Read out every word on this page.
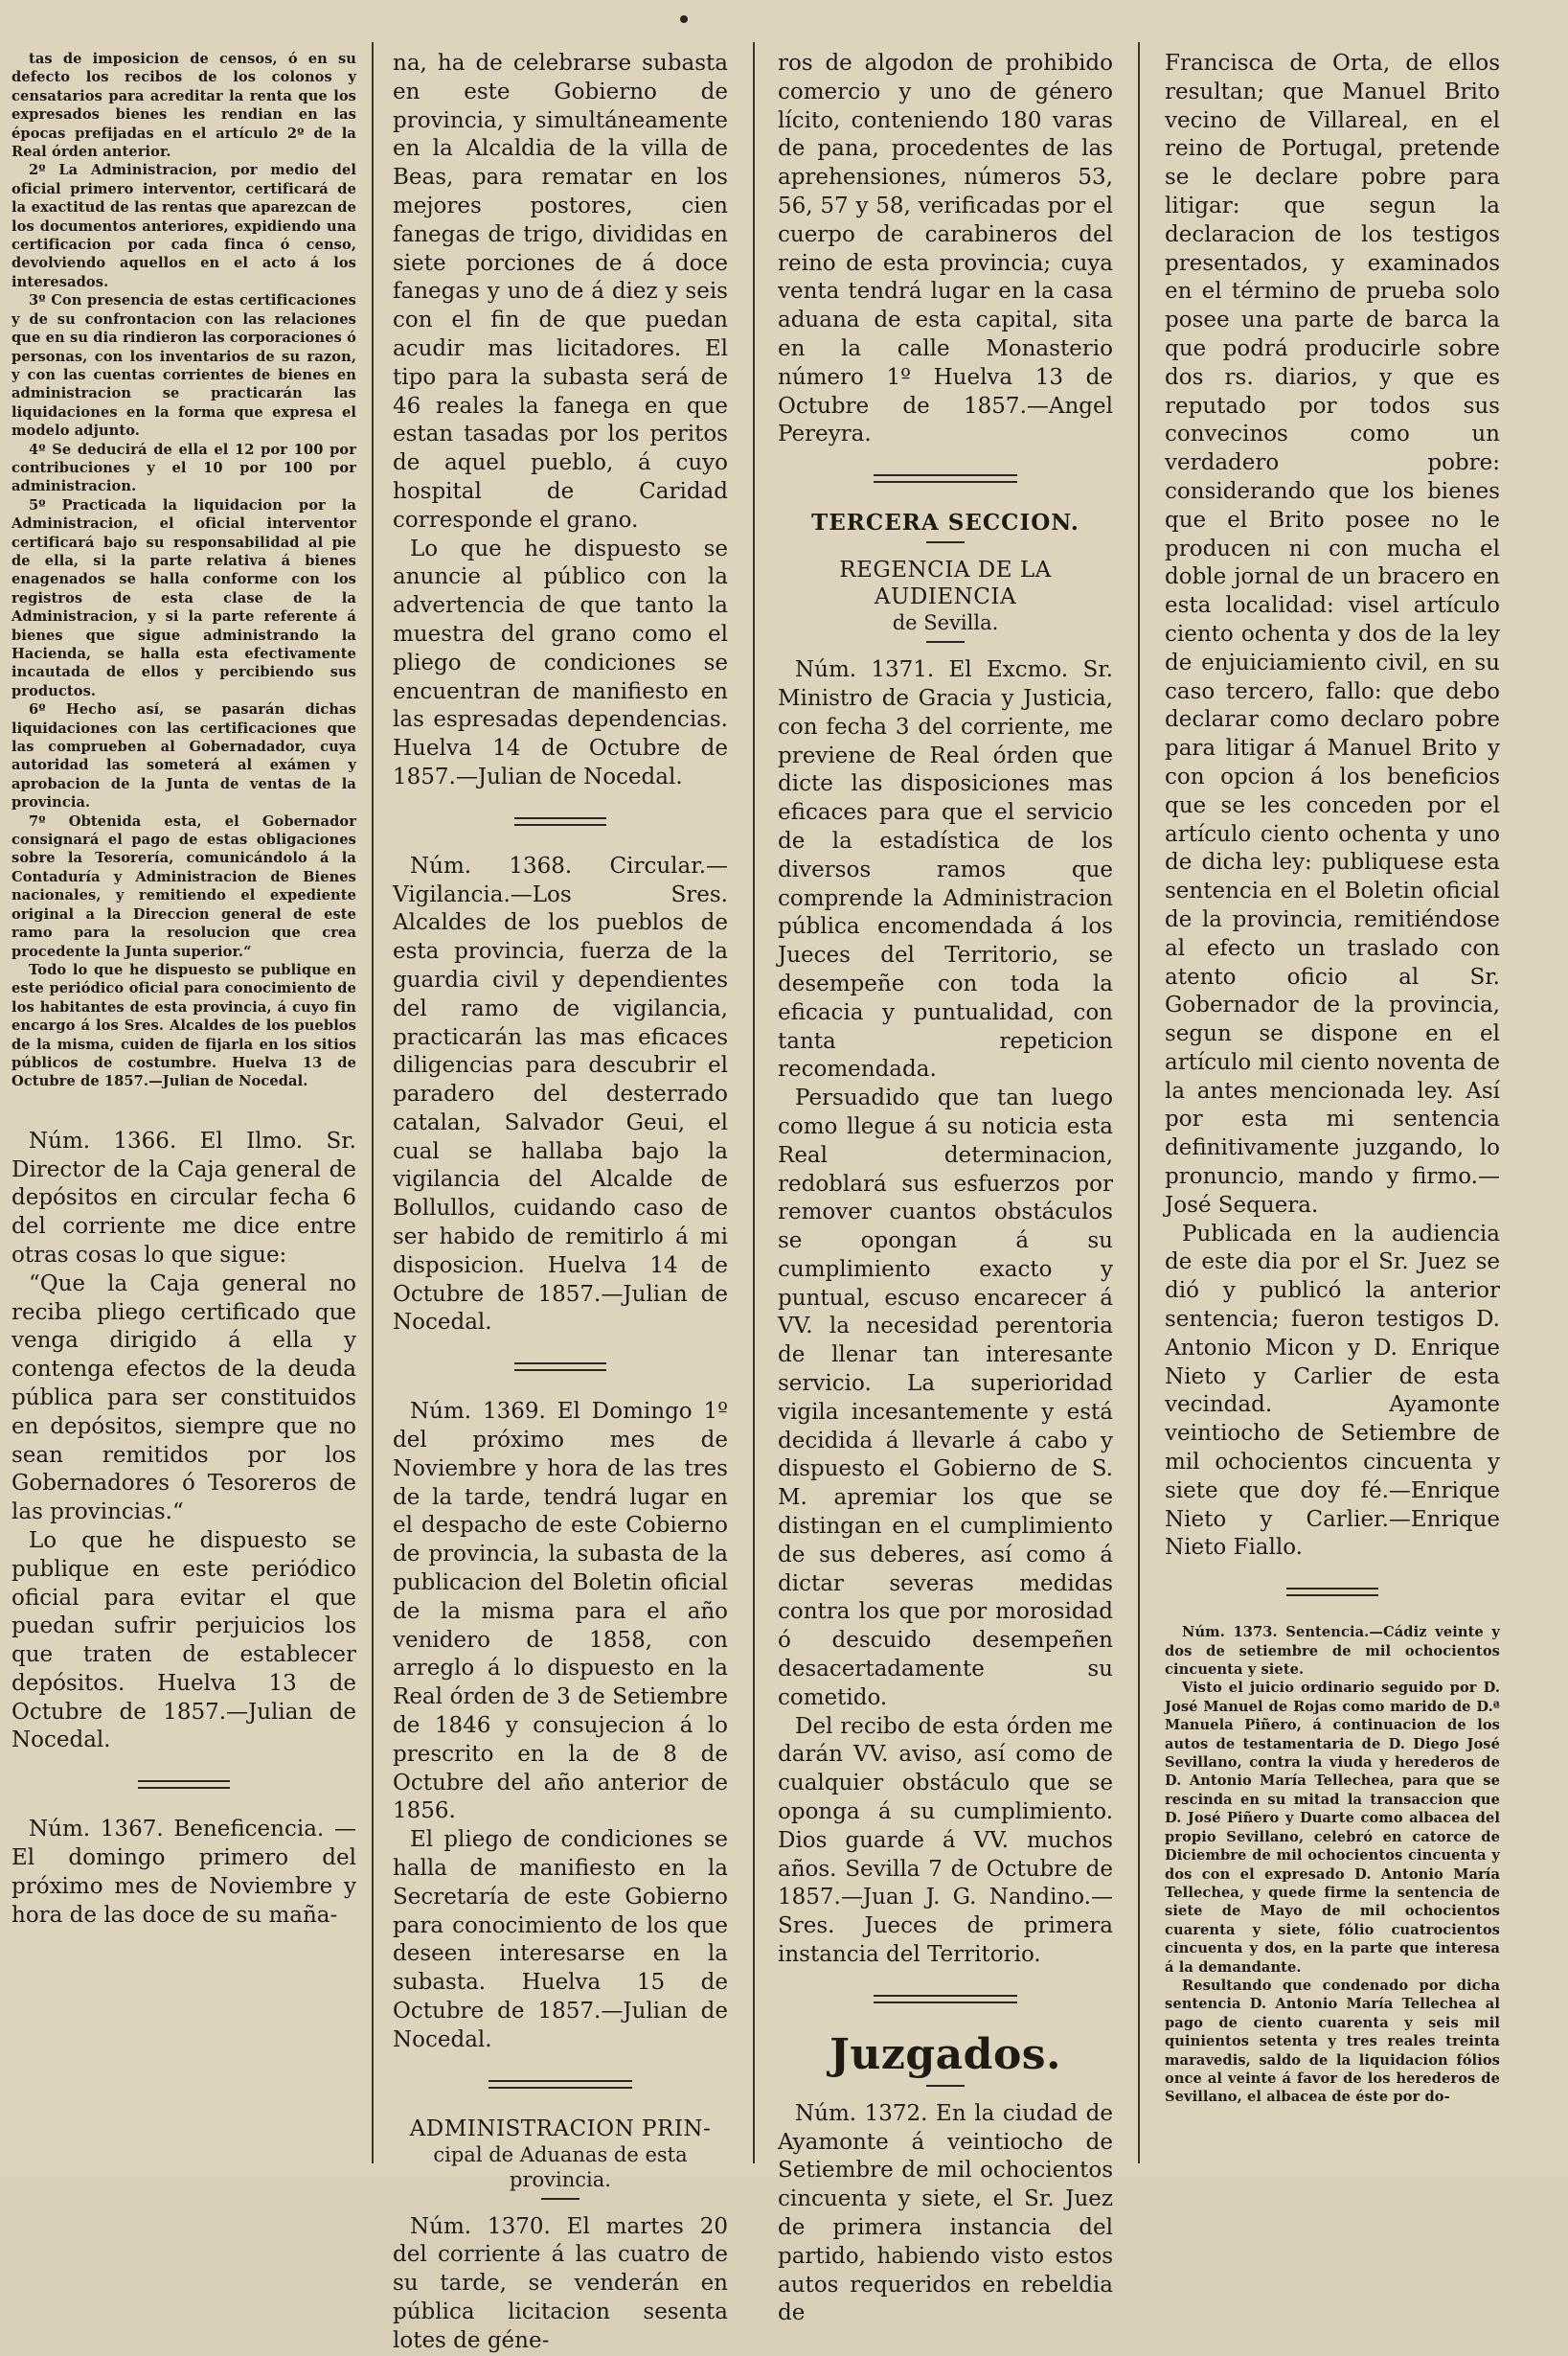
tas de imposicion de censos, ó en su defecto los recibos de los colonos y censatarios para acreditar la renta que los expresados bienes les rendian en las épocas prefijadas en el artículo 2º de la Real órden anterior.

2º La Administracion, por medio del oficial primero interventor, certificará de la exactitud de las rentas que aparezcan de los documentos anteriores, expidiendo una certificacion por cada finca ó censo, devolviendo aquellos en el acto á los interesados.

3º Con presencia de estas certificaciones y de su confrontacion con las relaciones que en su dia rindieron las corporaciones ó personas, con los inventarios de su razon, y con las cuentas corrientes de bienes en administracion se practicarán las liquidaciones en la forma que expresa el modelo adjunto.

4º Se deducirá de ella el 12 por 100 por contribuciones y el 10 por 100 por administracion.

5º Practicada la liquidacion por la Administracion, el oficial interventor certificará bajo su responsabilidad al pie de ella, si la parte relativa á bienes enagenados se halla conforme con los registros de esta clase de la Administracion, y si la parte referente á bienes que sigue administrando la Hacienda, se halla esta efectivamente incautada de ellos y percibiendo sus productos.

6º Hecho así, se pasarán dichas liquidaciones con las certificaciones que las comprueben al Gobernadador, cuya autoridad las someterá al exámen y aprobacion de la Junta de ventas de la provincia.

7º Obtenida esta, el Gobernador consignará el pago de estas obligaciones sobre la Tesorería, comunicándolo á la Contaduría y Administracion de Bienes nacionales, y remitiendo el expediente original a la Direccion general de este ramo para la resolucion que crea procedente la Junta superior.“

Todo lo que he dispuesto se publique en este periódico oficial para conocimiento de los habitantes de esta provincia, á cuyo fin encargo á los Sres. Alcaldes de los pueblos de la misma, cuiden de fijarla en los sitios públicos de costumbre. Huelva 13 de Octubre de 1857.—Julian de Nocedal.

Núm. 1366. El Ilmo. Sr. Director de la Caja general de depósitos en circular fecha 6 del corriente me dice entre otras cosas lo que sigue:

“Que la Caja general no reciba pliego certificado que venga dirigido á ella y contenga efectos de la deuda pública para ser constituidos en depósitos, siempre que no sean remitidos por los Gobernadores ó Tesoreros de las provincias.“

Lo que he dispuesto se publique en este periódico oficial para evitar el que puedan sufrir perjuicios los que traten de establecer depósitos. Huelva 13 de Octubre de 1857.—Julian de Nocedal.

Núm. 1367. Beneficencia. —El domingo primero del próximo mes de Noviembre y hora de las doce de su maña-

na, ha de celebrarse subasta en este Gobierno de provincia, y simultáneamente en la Alcaldia de la villa de Beas, para rematar en los mejores postores, cien fanegas de trigo, divididas en siete porciones de á doce fanegas y uno de á diez y seis con el fin de que puedan acudir mas licitadores. El tipo para la subasta será de 46 reales la fanega en que estan tasadas por los peritos de aquel pueblo, á cuyo hospital de Caridad corresponde el grano.

Lo que he dispuesto se anuncie al público con la advertencia de que tanto la muestra del grano como el pliego de condiciones se encuentran de manifiesto en las espresadas dependencias. Huelva 14 de Octubre de 1857.—Julian de Nocedal.

Núm. 1368. Circular.— Vigilancia.—Los Sres. Alcaldes de los pueblos de esta provincia, fuerza de la guardia civil y dependientes del ramo de vigilancia, practicarán las mas eficaces diligencias para descubrir el paradero del desterrado catalan, Salvador Geui, el cual se hallaba bajo la vigilancia del Alcalde de Bollullos, cuidando caso de ser habido de remitirlo á mi disposicion. Huelva 14 de Octubre de 1857.—Julian de Nocedal.

Núm. 1369. El Domingo 1º del próximo mes de Noviembre y hora de las tres de la tarde, tendrá lugar en el despacho de este Cobierno de provincia, la subasta de la publicacion del Boletin oficial de la misma para el año venidero de 1858, con arreglo á lo dispuesto en la Real órden de 3 de Setiembre de 1846 y consujecion á lo prescrito en la de 8 de Octubre del año anterior de 1856.

El pliego de condiciones se halla de manifiesto en la Secretaría de este Gobierno para conocimiento de los que deseen interesarse en la subasta. Huelva 15 de Octubre de 1857.—Julian de Nocedal.

ADMINISTRACION PRIN-
cipal de Aduanas de esta provincia.

Núm. 1370. El martes 20 del corriente á las cuatro de su tarde, se venderán en pública licitacion sesenta lotes de géne-

ros de algodon de prohibido comercio y uno de género lícito, conteniendo 180 varas de pana, procedentes de las aprehensiones, números 53, 56, 57 y 58, verificadas por el cuerpo de carabineros del reino de esta provincia; cuya venta tendrá lugar en la casa aduana de esta capital, sita en la calle Monasterio número 1º Huelva 13 de Octubre de 1857.—Angel Pereyra.

TERCERA SECCION.
REGENCIA DE LA AUDIENCIA
de Sevilla.

Núm. 1371. El Excmo. Sr. Ministro de Gracia y Justicia, con fecha 3 del corriente, me previene de Real órden que dicte las disposiciones mas eficaces para que el servicio de la estadística de los diversos ramos que comprende la Administracion pública encomendada á los Jueces del Territorio, se desempeñe con toda la eficacia y puntualidad, con tanta repeticion recomendada.

Persuadido que tan luego como llegue á su noticia esta Real determinacion, redoblará sus esfuerzos por remover cuantos obstáculos se opongan á su cumplimiento exacto y puntual, escuso encarecer á VV. la necesidad perentoria de llenar tan interesante servicio. La superioridad vigila incesantemente y está decidida á llevarle á cabo y dispuesto el Gobierno de S. M. apremiar los que se distingan en el cumplimiento de sus deberes, así como á dictar severas medidas contra los que por morosidad ó descuido desempeñen desacertadamente su cometido.

Del recibo de esta órden me darán VV. aviso, así como de cualquier obstáculo que se oponga á su cumplimiento. Dios guarde á VV. muchos años. Sevilla 7 de Octubre de 1857.—Juan J. G. Nandino.—Sres. Jueces de primera instancia del Territorio.

Juzgados.

Núm. 1372. En la ciudad de Ayamonte á veintiocho de Setiembre de mil ochocientos cincuenta y siete, el Sr. Juez de primera instancia del partido, habiendo visto estos autos requeridos en rebeldia de

Francisca de Orta, de ellos resultan; que Manuel Brito vecino de Villareal, en el reino de Portugal, pretende se le declare pobre para litigar: que segun la declaracion de los testigos presentados, y examinados en el término de prueba solo posee una parte de barca la que podrá producirle sobre dos rs. diarios, y que es reputado por todos sus convecinos como un verdadero pobre: considerando que los bienes que el Brito posee no le producen ni con mucha el doble jornal de un bracero en esta localidad: visel artículo ciento ochenta y dos de la ley de enjuiciamiento civil, en su caso tercero, fallo: que debo declarar como declaro pobre para litigar á Manuel Brito y con opcion á los beneficios que se les conceden por el artículo ciento ochenta y uno de dicha ley: publiquese esta sentencia en el Boletin oficial de la provincia, remitiéndose al efecto un traslado con atento oficio al Sr. Gobernador de la provincia, segun se dispone en el artículo mil ciento noventa de la antes mencionada ley. Así por esta mi sentencia definitivamente juzgando, lo pronuncio, mando y firmo.—José Sequera.

Publicada en la audiencia de este dia por el Sr. Juez se dió y publicó la anterior sentencia; fueron testigos D. Antonio Micon y D. Enrique Nieto y Carlier de esta vecindad. Ayamonte veintiocho de Setiembre de mil ochocientos cincuenta y siete que doy fé.—Enrique Nieto y Carlier.—Enrique Nieto Fiallo.

Núm. 1373. Sentencia.—Cádiz veinte y dos de setiembre de mil ochocientos cincuenta y siete.

Visto el juicio ordinario seguido por D. José Manuel de Rojas como marido de D.ª Manuela Piñero, á continuacion de los autos de testamentaria de D. Diego José Sevillano, contra la viuda y herederos de D. Antonio María Tellechea, para que se rescinda en su mitad la transaccion que D. José Piñero y Duarte como albacea del propio Sevillano, celebró en catorce de Diciembre de mil ochocientos cincuenta y dos con el expresado D. Antonio María Tellechea, y quede firme la sentencia de siete de Mayo de mil ochocientos cuarenta y siete, fólio cuatrocientos cincuenta y dos, en la parte que interesa á la demandante.

Resultando que condenado por dicha sentencia D. Antonio María Tellechea al pago de ciento cuarenta y seis mil quinientos setenta y tres reales treinta maravedis, saldo de la liquidacion fólios once al veinte á favor de los herederos de Sevillano, el albacea de éste por do-
